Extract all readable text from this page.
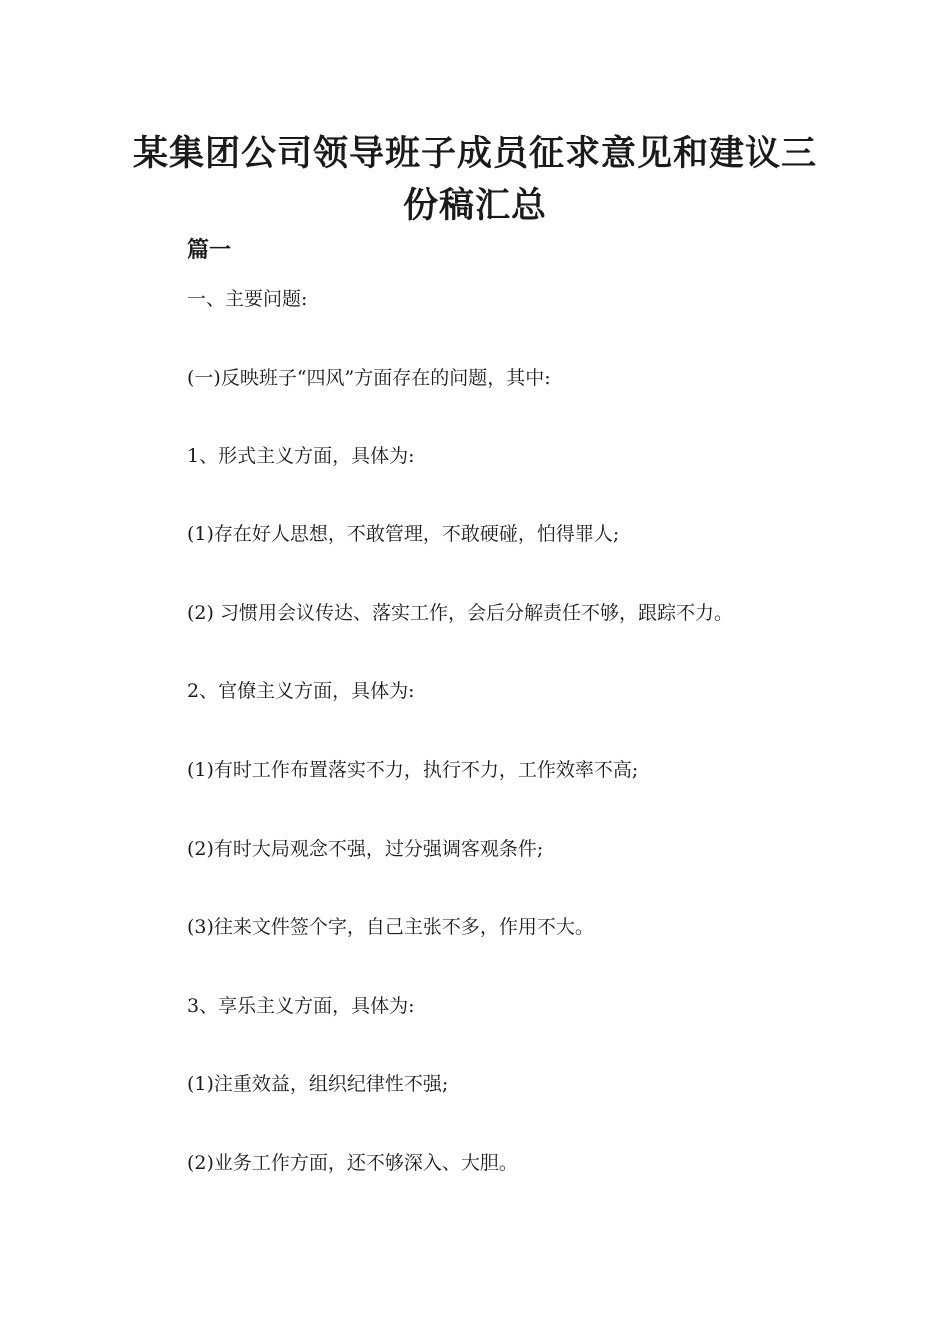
某集团公司领导班子成员征求意见和建议三份稿汇总
篇一

一、主要问题:

(一)反映班子“四风”方面存在的问题，其中:

1、形式主义方面，具体为:

(1)存在好人思想，不敢管理，不敢硬碰，怕得罪人;

(2) 习惯用会议传达、落实工作，会后分解责任不够，跟踪不力。

2、官僚主义方面，具体为:

(1)有时工作布置落实不力，执行不力，工作效率不高;

(2)有时大局观念不强，过分强调客观条件;

(3)往来文件签个字，自己主张不多，作用不大。

3、享乐主义方面，具体为:

(1)注重效益，组织纪律性不强;

(2)业务工作方面，还不够深入、大胆。
